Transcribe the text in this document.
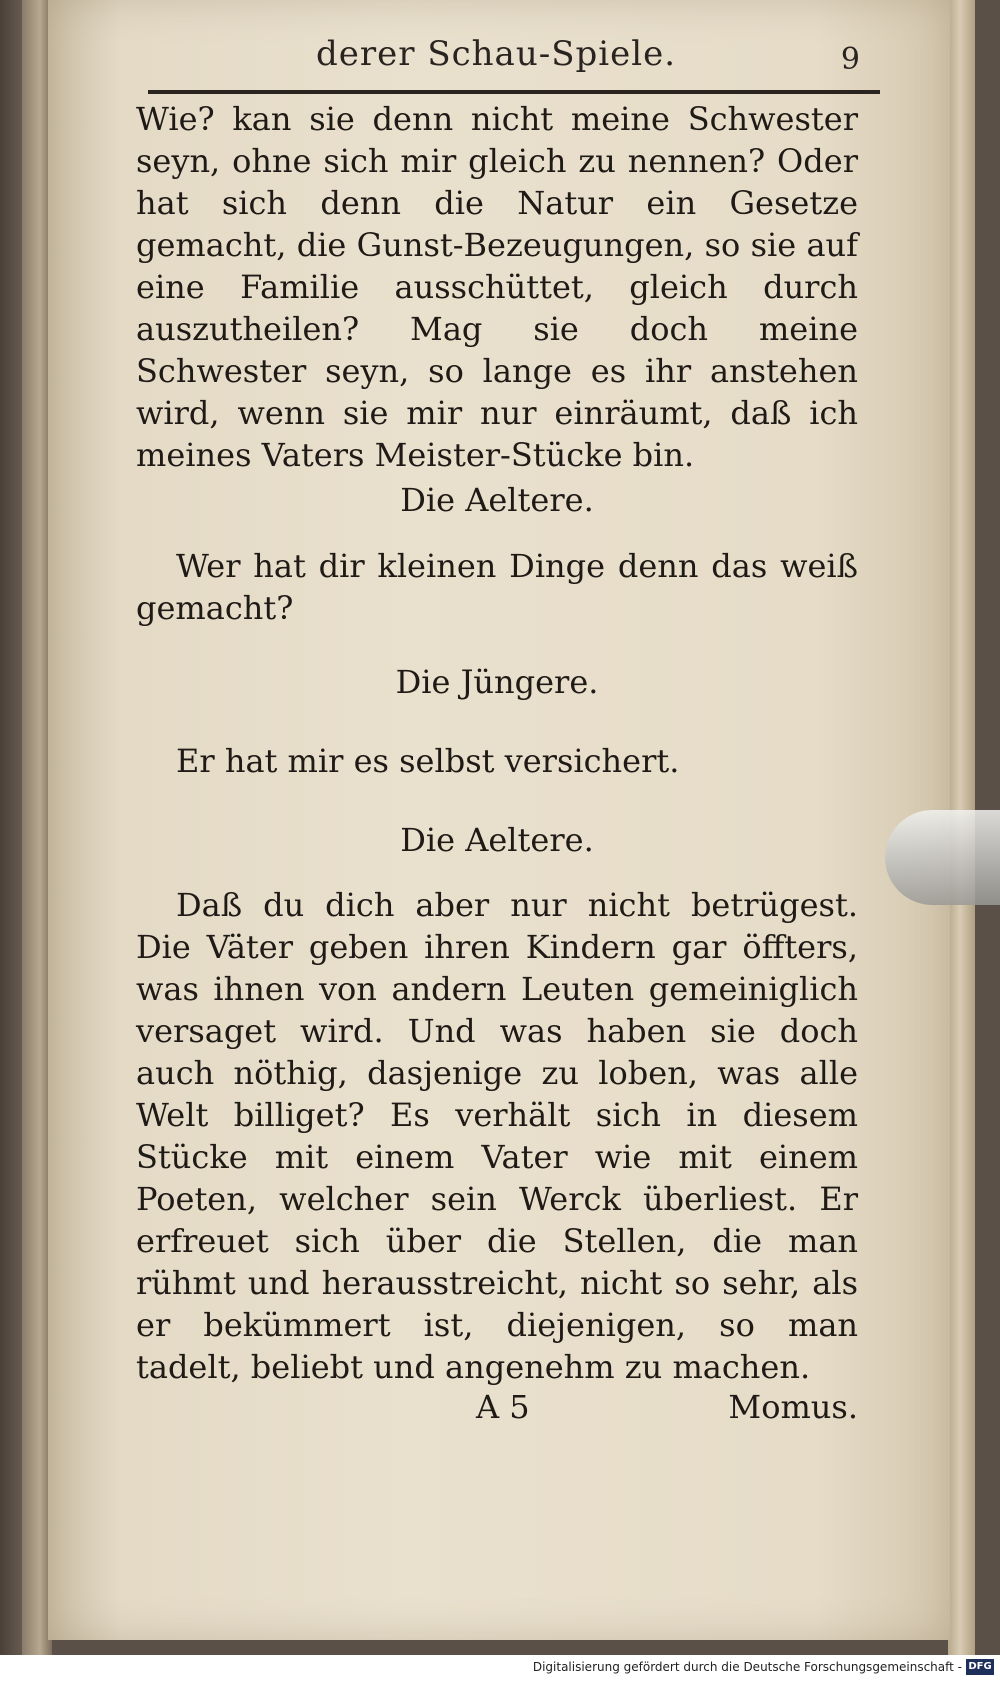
derer Schau-Spiele.	9

Wie? kan sie denn nicht meine Schwester seyn, ohne sich mir gleich zu nennen? Oder hat sich denn die Natur ein Gesetze gemacht, die Gunst-Bezeugungen, so sie auf eine Familie ausschüttet, gleich durch auszutheilen? Mag sie doch meine Schwester seyn, so lange es ihr anstehen wird, wenn sie mir nur einräumt, daß ich meines Vaters Meister-Stücke bin.

Die Aeltere.

Wer hat dir kleinen Dinge denn das weiß gemacht?

Die Jüngere.

Er hat mir es selbst versichert.

Die Aeltere.

Daß du dich aber nur nicht betrügest. Die Väter geben ihren Kindern gar öffters, was ihnen von andern Leuten gemeiniglich versaget wird. Und was haben sie doch auch nöthig, dasjenige zu loben, was alle Welt billiget? Es verhält sich in diesem Stücke mit einem Vater wie mit einem Poeten, welcher sein Werck überliest. Er erfreuet sich über die Stellen, die man rühmt und herausstreicht, nicht so sehr, als er bekümmert ist, diejenigen, so man tadelt, beliebt und angenehm zu machen.

A 5	Momus.
Digitalisierung gefördert durch die Deutsche Forschungsgemeinschaft - DFG
